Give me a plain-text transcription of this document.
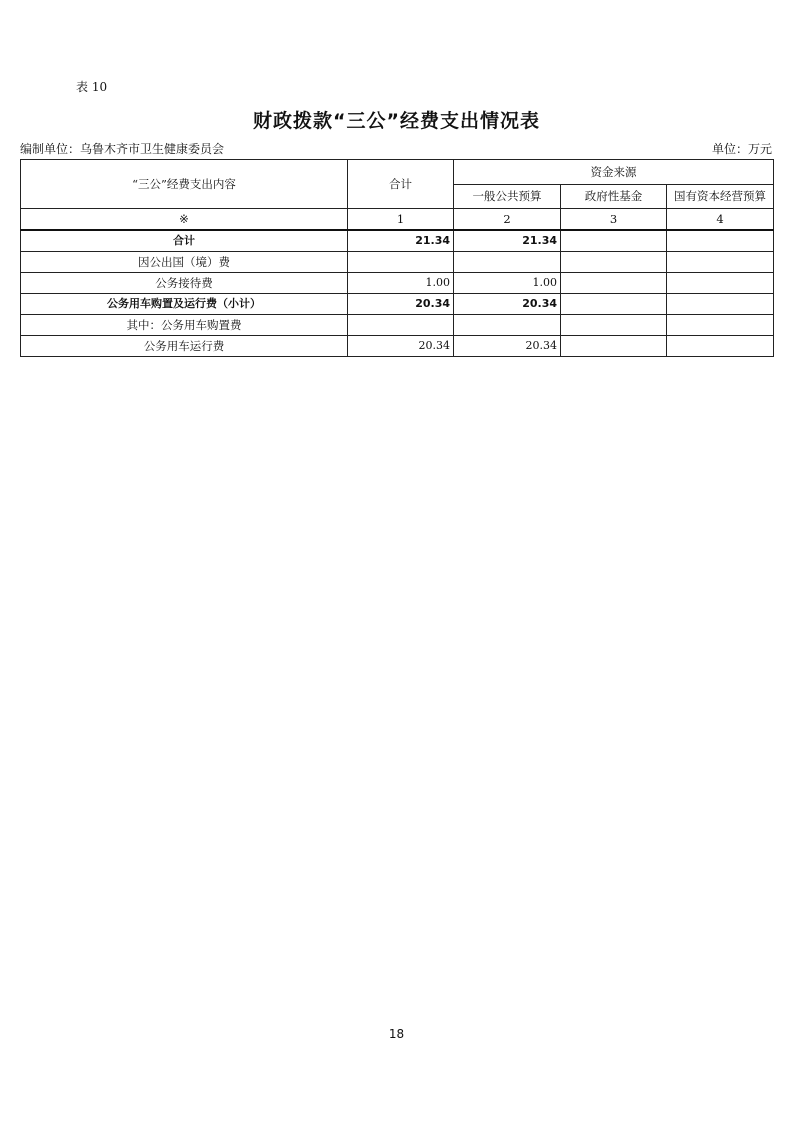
表 10
财政拨款“三公”经费支出情况表
编制单位：乌鲁木齐市卫生健康委员会	单位：万元
“三公”经费支出内容	合计	资金来源		
		一般公共预算	政府性基金	国有资本经营预算
※	1	2	3	4
合计	21.34	21.34		
因公出国（境）费				
公务接待费	1.00	1.00		
公务用车购置及运行费（小计）	20.34	20.34		
其中：公务用车购置费				
公务用车运行费	20.34	20.34		
18
